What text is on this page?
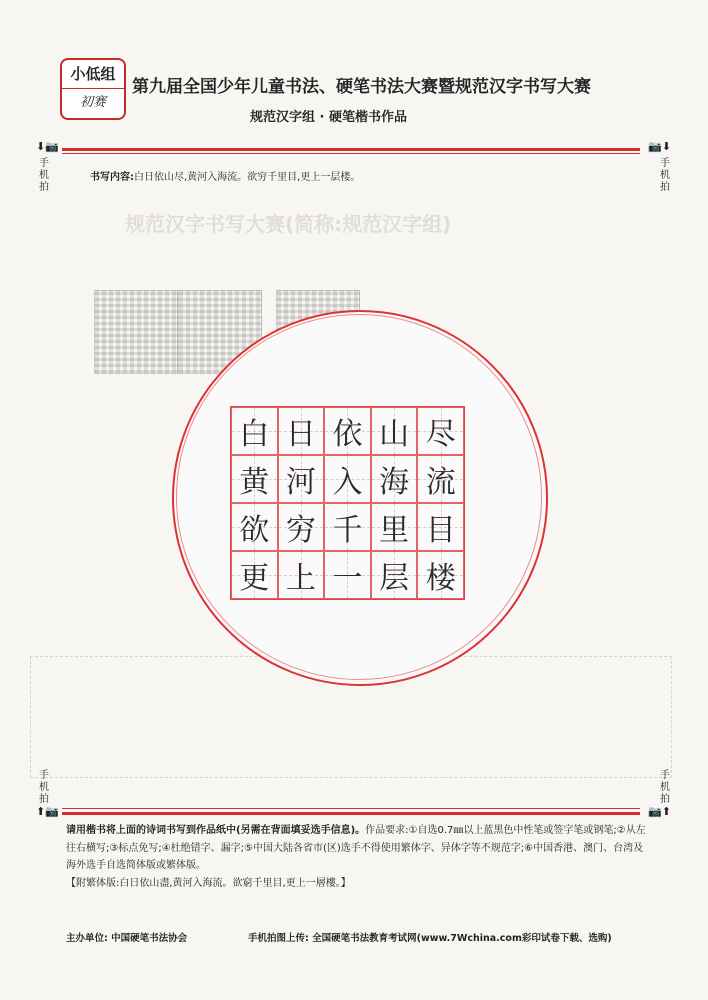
小低组
初赛
第九届全国少年儿童书法、硬笔书法大赛暨规范汉字书写大赛
规范汉字组 · 硬笔楷书作品
⬇📷	📷⬇
手
机
拍
手
机
拍
书写内容:白日依山尽,黄河入海流。欲穷千里目,更上一层楼。
规范汉字书写大赛(简称:规范汉字组)
白 日 依 山 尽
黄 河 入 海 流
欲 穷 千 里 目
更 上 一 层 楼
手
机
拍
手
机
拍
⬆📷	📷⬆
请用楷书将上面的诗词书写到作品纸中(另需在背面填妥选手信息)。作品要求:①自选0.7㎜以上蓝黑色中性笔或签字笔或钢笔;②从左往右横写;③标点免写;④杜绝错字、漏字;⑤中国大陆各省市(区)选手不得使用繁体字、异体字等不规范字;⑥中国香港、澳门、台湾及海外选手自选简体版或繁体版。
【附繁体版:白日依山盡,黄河入海流。欲窮千里目,更上一層樓。】
主办单位: 中国硬笔书法协会	手机拍图上传: 全国硬笔书法教育考试网(www.7Wchina.com彩印试卷下载、选购)
